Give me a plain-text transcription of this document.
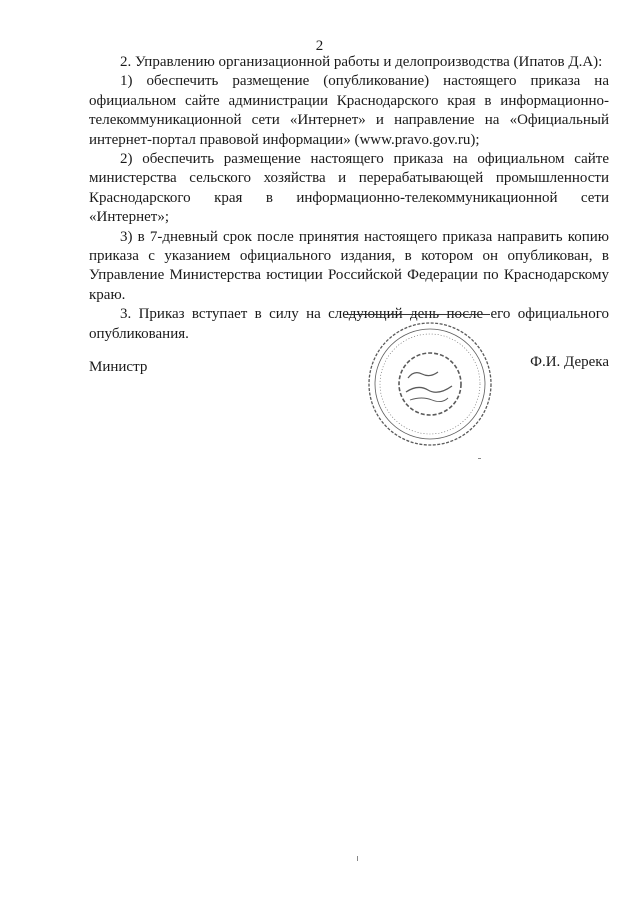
2

2. Управлению организационной работы и делопроизводства (Ипатов Д.А):

1) обеспечить размещение (опубликование) настоящего приказа на официальном сайте администрации Краснодарского края в информационно-телекоммуникационной сети «Интернет» и направление на «Официальный интернет-портал правовой информации» (www.pravo.gov.ru);

2) обеспечить размещение настоящего приказа на официальном сайте министерства сельского хозяйства и перерабатывающей промышленности Краснодарского края в информационно-телекоммуникационной сети «Интернет»;

3) в 7-дневный срок после принятия настоящего приказа направить копию приказа с указанием официального издания, в котором он опубликован, в Управление Министерства юстиции Российской Федерации по Краснодарскому краю.

3. Приказ вступает в силу на следующий день после его официального опубликования.

Министр	Ф.И. Дерека
